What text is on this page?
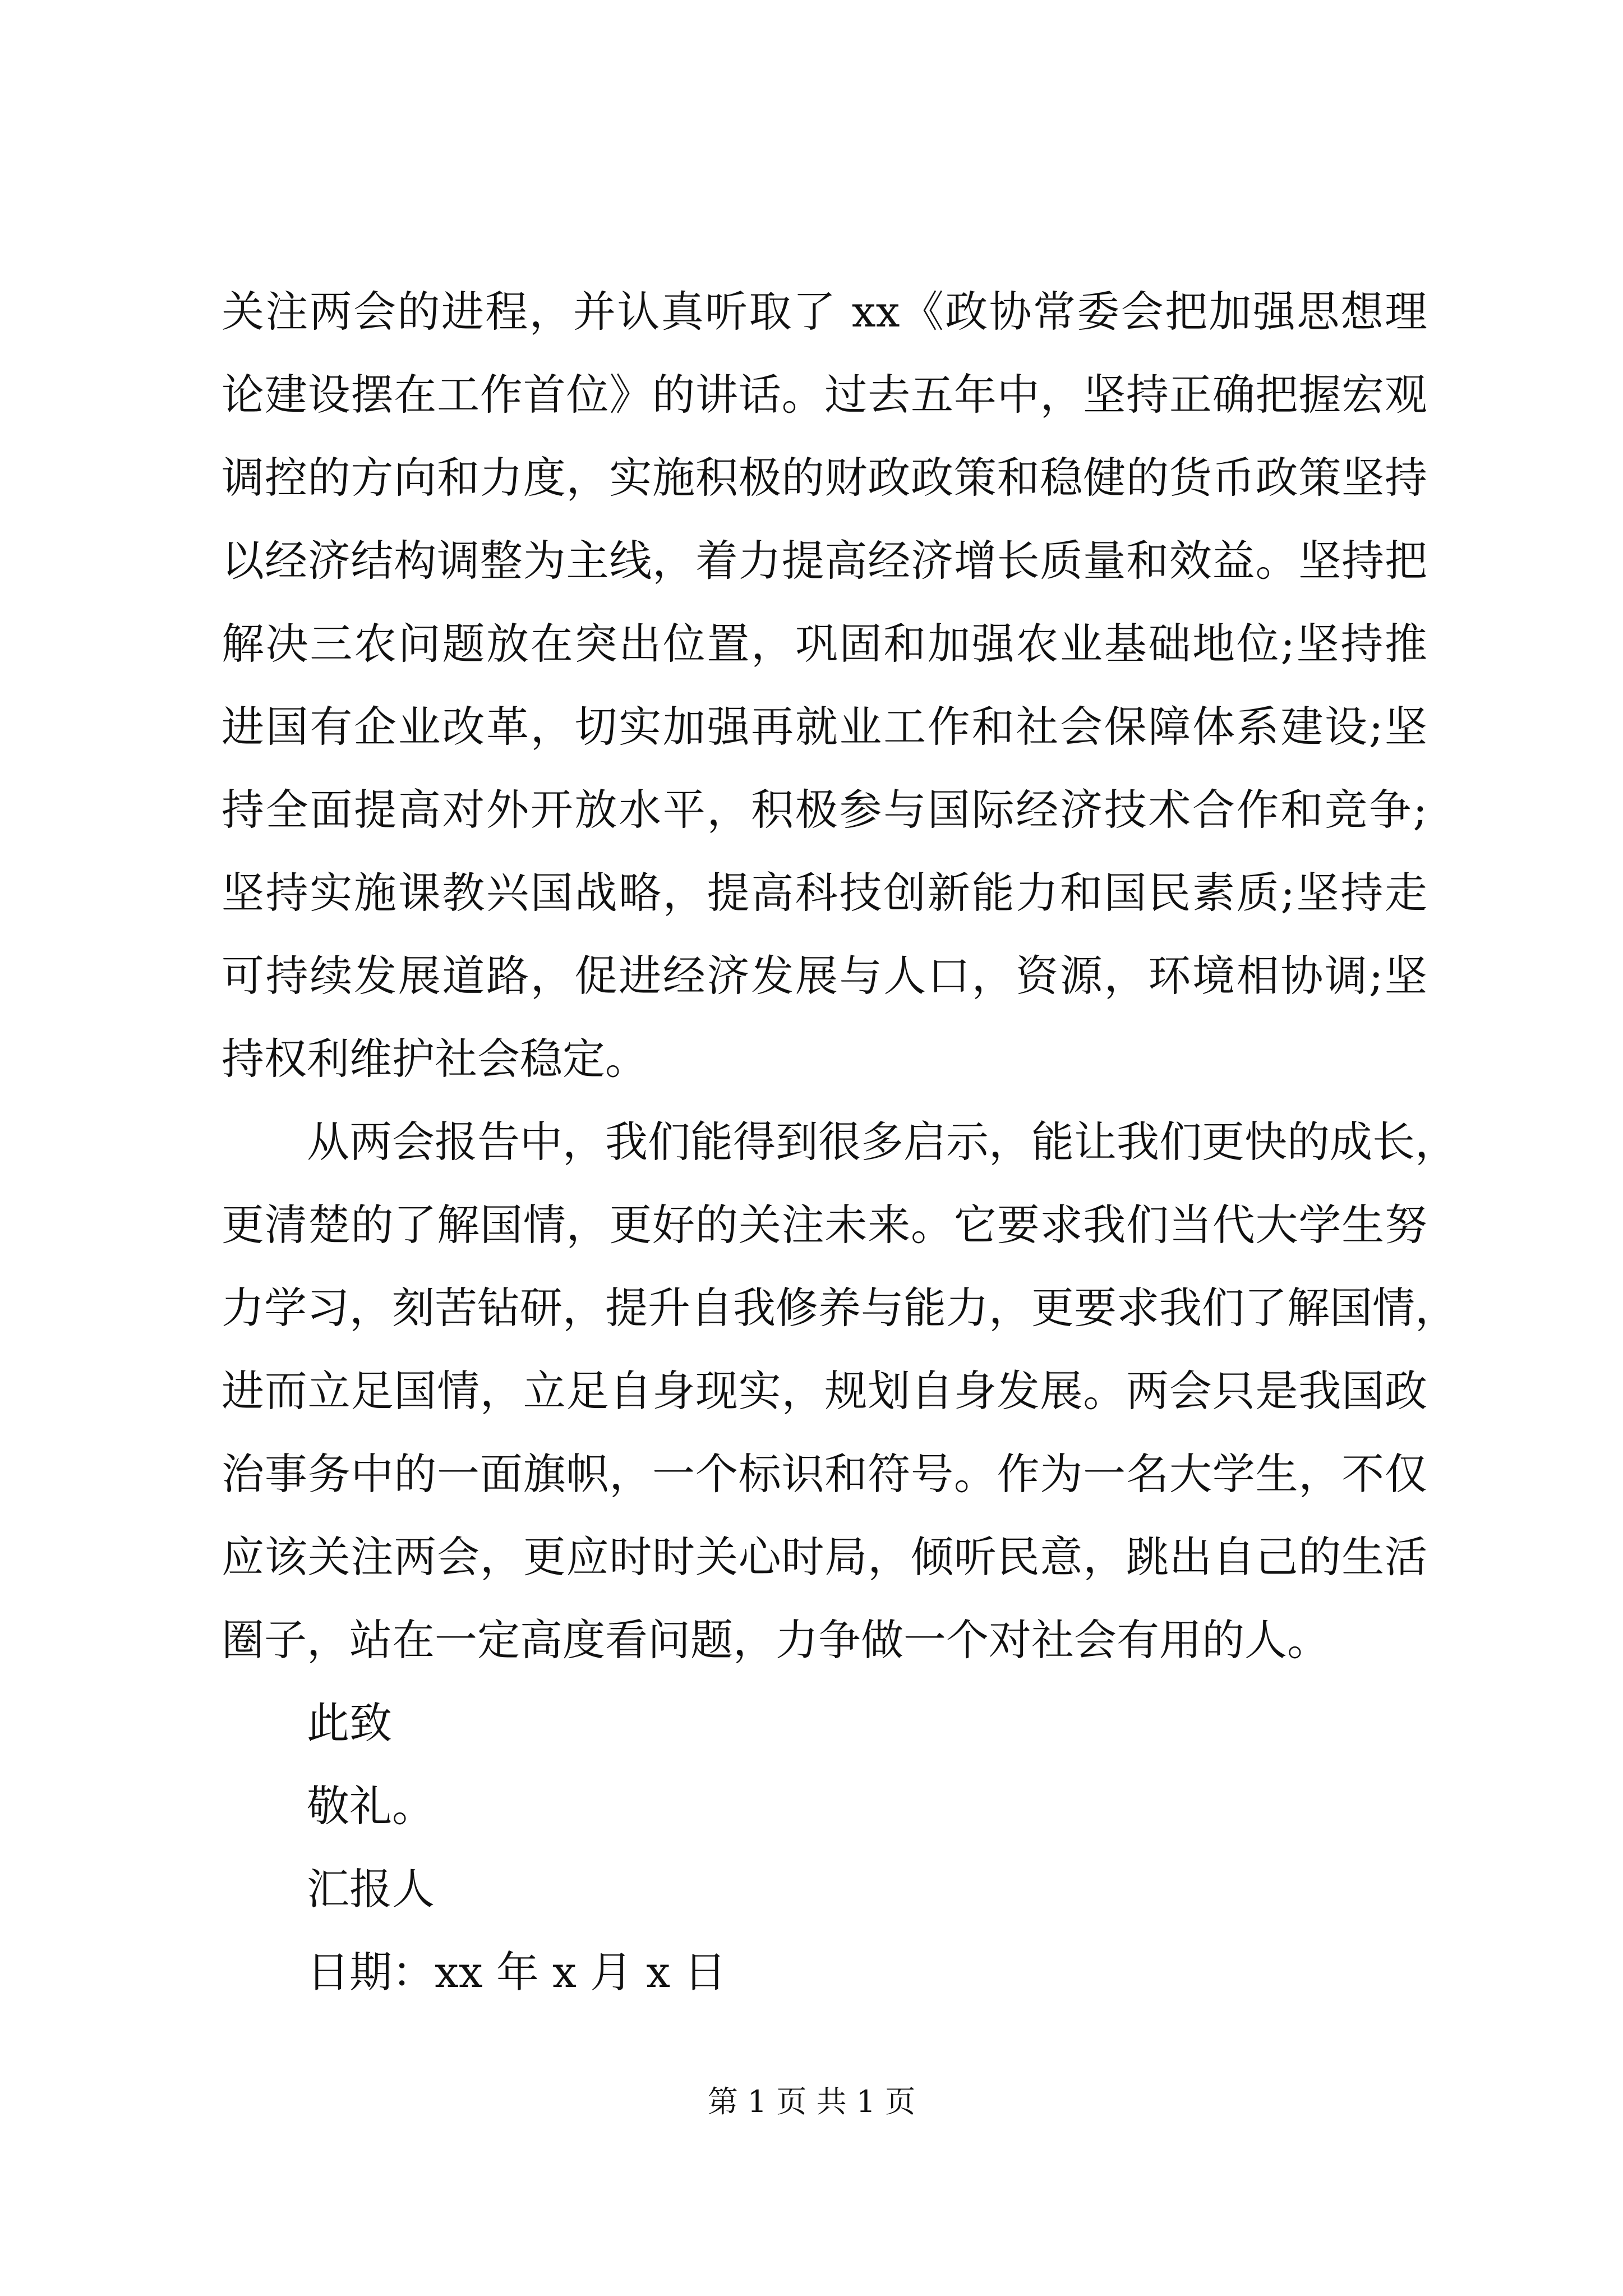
关注两会的进程，并认真听取了 xx《政协常委会把加强思想理
论建设摆在工作首位》的讲话。过去五年中，坚持正确把握宏观
调控的方向和力度，实施积极的财政政策和稳健的货币政策坚持
以经济结构调整为主线，着力提高经济增长质量和效益。坚持把
解决三农问题放在突出位置，巩固和加强农业基础地位;坚持推
进国有企业改革，切实加强再就业工作和社会保障体系建设;坚
持全面提高对外开放水平，积极参与国际经济技术合作和竞争;
坚持实施课教兴国战略，提高科技创新能力和国民素质;坚持走
可持续发展道路，促进经济发展与人口，资源，环境相协调;坚
持权利维护社会稳定。
从两会报告中，我们能得到很多启示，能让我们更快的成长，
更清楚的了解国情，更好的关注未来。它要求我们当代大学生努
力学习，刻苦钻研，提升自我修养与能力，更要求我们了解国情，
进而立足国情，立足自身现实，规划自身发展。两会只是我国政
治事务中的一面旗帜，一个标识和符号。作为一名大学生，不仅
应该关注两会，更应时时关心时局，倾听民意，跳出自己的生活
圈子，站在一定高度看问题，力争做一个对社会有用的人。
此致
敬礼。
汇报人
日期：xx 年 x 月 x 日
第 1 页 共 1 页
